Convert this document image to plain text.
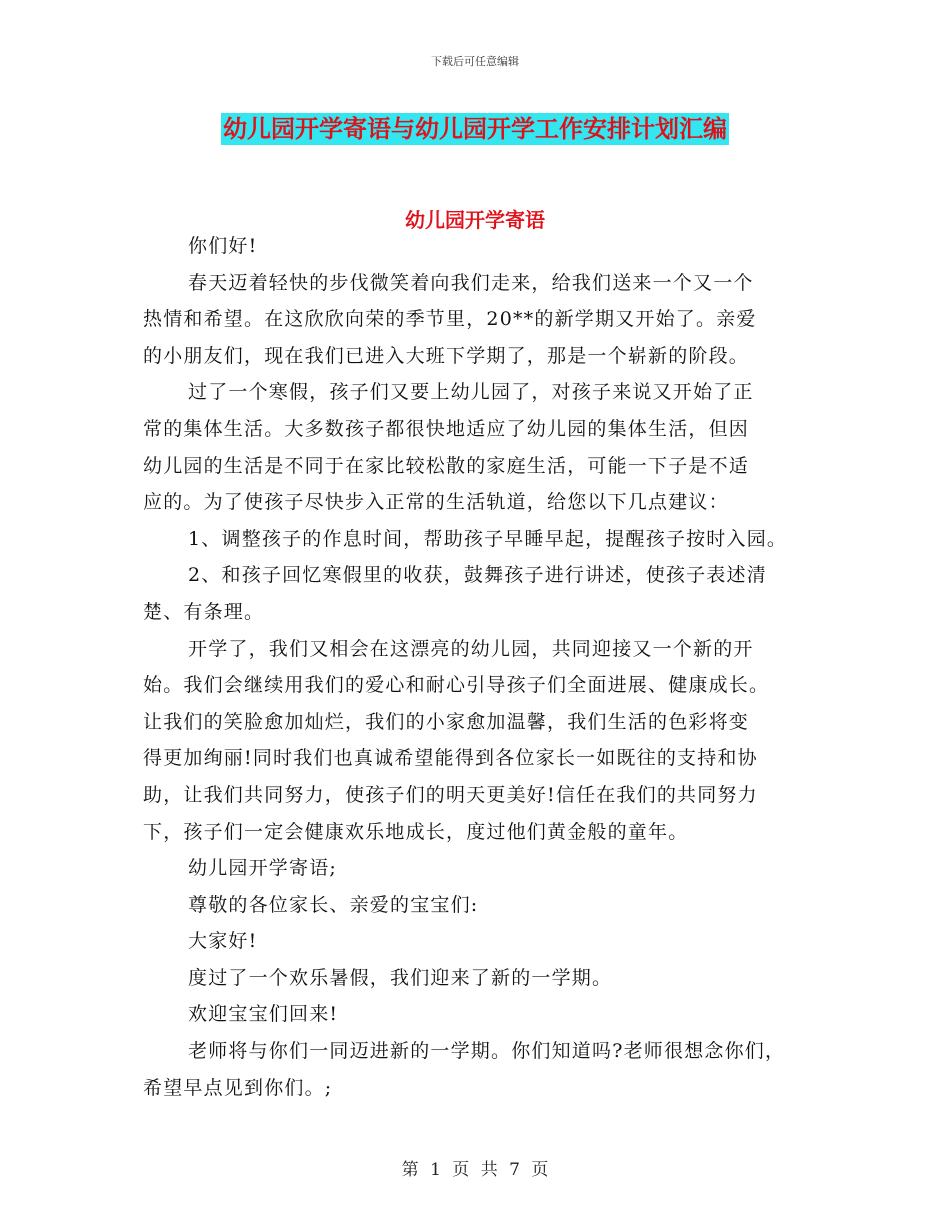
下载后可任意编辑
幼儿园开学寄语与幼儿园开学工作安排计划汇编
幼儿园开学寄语
你们好!
春天迈着轻快的步伐微笑着向我们走来，给我们送来一个又一个
热情和希望。在这欣欣向荣的季节里，20**的新学期又开始了。亲爱
的小朋友们，现在我们已进入大班下学期了，那是一个崭新的阶段。
过了一个寒假，孩子们又要上幼儿园了，对孩子来说又开始了正
常的集体生活。大多数孩子都很快地适应了幼儿园的集体生活，但因
幼儿园的生活是不同于在家比较松散的家庭生活，可能一下子是不适
应的。为了使孩子尽快步入正常的生活轨道，给您以下几点建议：
1、调整孩子的作息时间，帮助孩子早睡早起，提醒孩子按时入园。
2、和孩子回忆寒假里的收获，鼓舞孩子进行讲述，使孩子表述清
楚、有条理。
开学了，我们又相会在这漂亮的幼儿园，共同迎接又一个新的开
始。我们会继续用我们的爱心和耐心引导孩子们全面进展、健康成长。
让我们的笑脸愈加灿烂，我们的小家愈加温馨，我们生活的色彩将变
得更加绚丽!同时我们也真诚希望能得到各位家长一如既往的支持和协
助，让我们共同努力，使孩子们的明天更美好!信任在我们的共同努力
下，孩子们一定会健康欢乐地成长，度过他们黄金般的童年。
幼儿园开学寄语;
尊敬的各位家长、亲爱的宝宝们:
大家好!
度过了一个欢乐暑假，我们迎来了新的一学期。
欢迎宝宝们回来!
老师将与你们一同迈进新的一学期。你们知道吗?老师很想念你们，
希望早点见到你们。;
第 1 页 共 7 页
